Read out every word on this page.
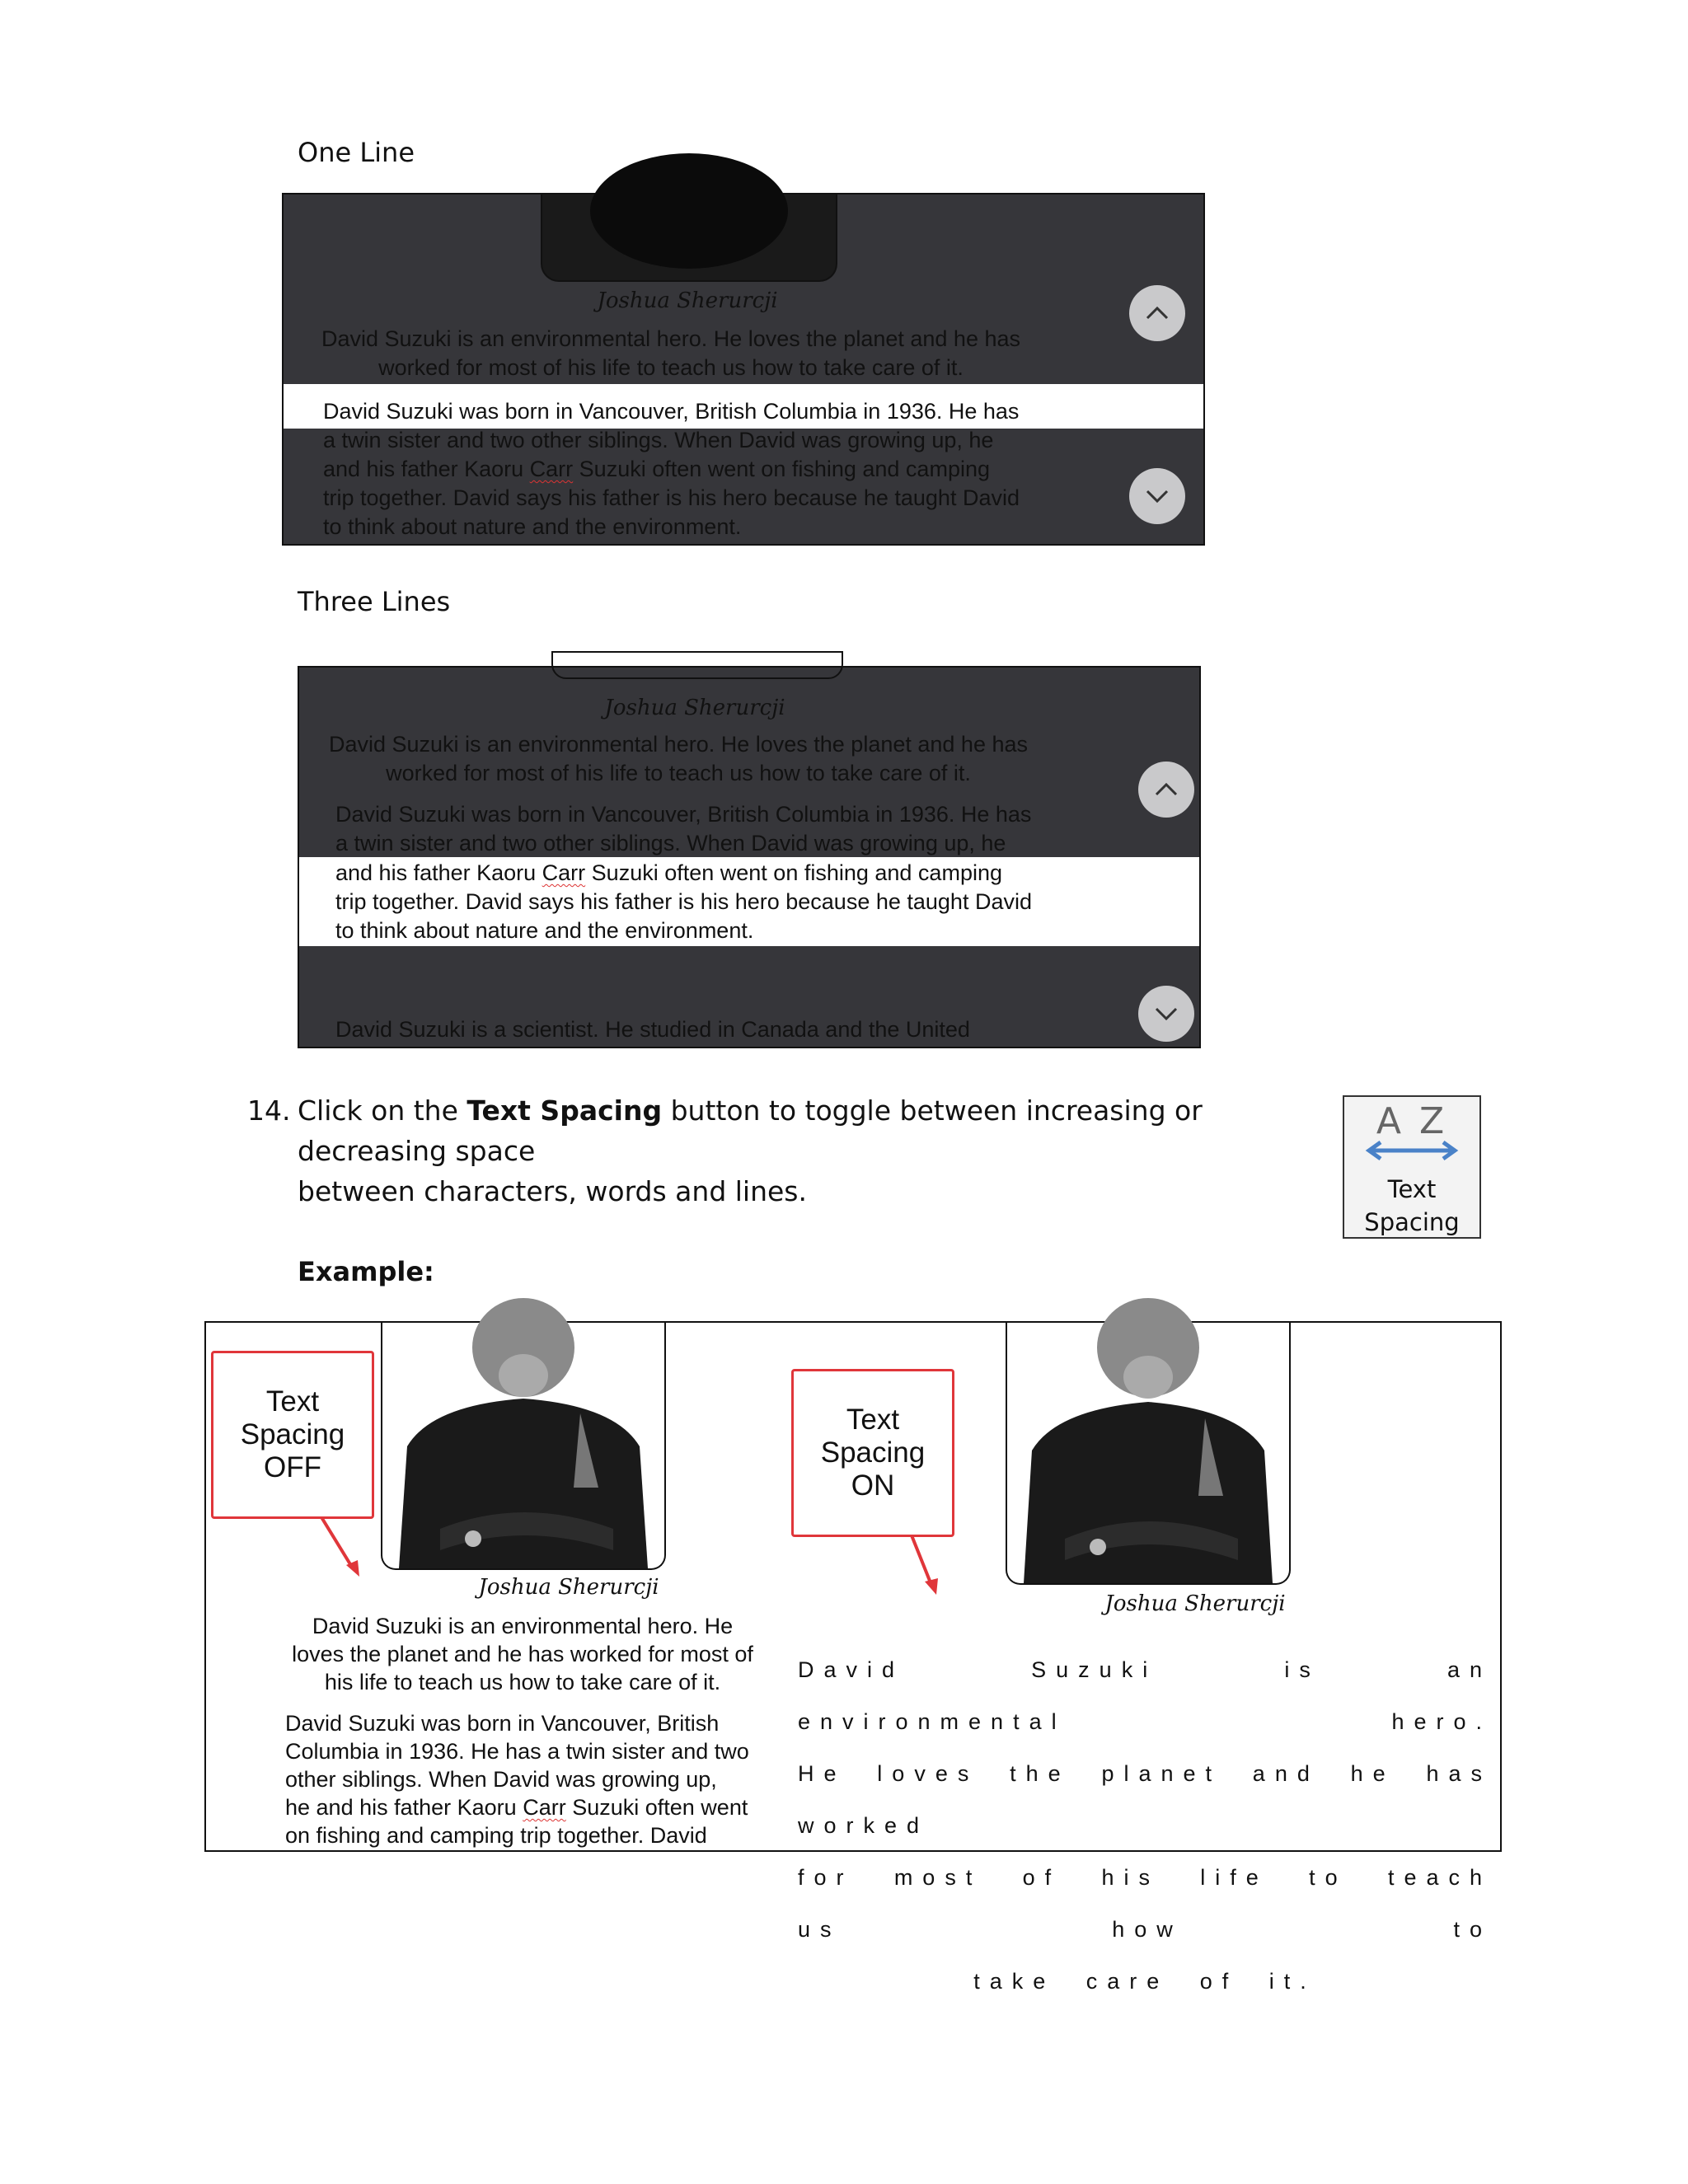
One Line
Joshua Sherurcji
David Suzuki is an environmental hero. He loves the planet and he has
worked for most of his life to teach us how to take care of it.
David Suzuki was born in Vancouver, British Columbia in 1936. He has
a twin sister and two other siblings. When David was growing up, he
and his father Kaoru Carr Suzuki often went on fishing and camping
trip together. David says his father is his hero because he taught David
to think about nature and the environment.
Three Lines
Joshua Sherurcji
David Suzuki is an environmental hero. He loves the planet and he has
worked for most of his life to teach us how to take care of it.
David Suzuki was born in Vancouver, British Columbia in 1936. He has
a twin sister and two other siblings. When David was growing up, he
and his father Kaoru Carr Suzuki often went on fishing and camping
trip together. David says his father is his hero because he taught David
to think about nature and the environment.
David Suzuki is a scientist. He studied in Canada and the United
14. Click on the Text Spacing button to toggle between increasing or decreasing space
between characters, words and lines.
A Z
Text
Spacing
Example:
Text
Spacing
OFF
Joshua Sherurcji
David Suzuki is an environmental hero. He
loves the planet and he has worked for most of
his life to teach us how to take care of it.
David Suzuki was born in Vancouver, British
Columbia in 1936. He has a twin sister and two
other siblings. When David was growing up,
he and his father Kaoru Carr Suzuki often went
on fishing and camping trip together. David
Text
Spacing
ON
Joshua Sherurcji
David Suzuki is an environmental hero.
He loves the planet and he has worked
for most of his life to teach us how to
take care of it.
